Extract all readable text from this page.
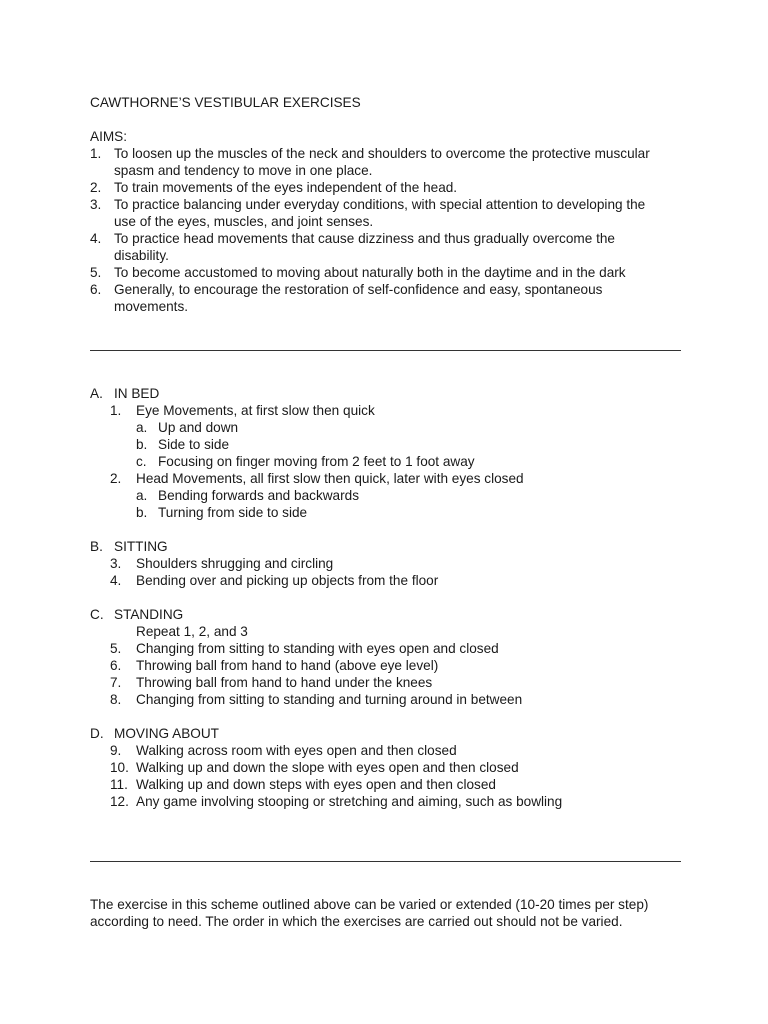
CAWTHORNE’S VESTIBULAR EXERCISES
AIMS:
1. To loosen up the muscles of the neck and shoulders to overcome the protective muscular
spasm and tendency to move in one place.
2. To train movements of the eyes independent of the head.
3. To practice balancing under everyday conditions, with special attention to developing the
use of the eyes, muscles, and joint senses.
4. To practice head movements that cause dizziness and thus gradually overcome the
disability.
5. To become accustomed to moving about naturally both in the daytime and in the dark
6. Generally, to encourage the restoration of self-confidence and easy, spontaneous
movements.
A. IN BED
1. Eye Movements, at first slow then quick
a. Up and down
b. Side to side
c. Focusing on finger moving from 2 feet to 1 foot away
2. Head Movements, all first slow then quick, later with eyes closed
a. Bending forwards and backwards
b. Turning from side to side
B. SITTING
3. Shoulders shrugging and circling
4. Bending over and picking up objects from the floor
C. STANDING
Repeat 1, 2, and 3
5. Changing from sitting to standing with eyes open and closed
6. Throwing ball from hand to hand (above eye level)
7. Throwing ball from hand to hand under the knees
8. Changing from sitting to standing and turning around in between
D. MOVING ABOUT
9. Walking across room with eyes open and then closed
10. Walking up and down the slope with eyes open and then closed
11. Walking up and down steps with eyes open and then closed
12. Any game involving stooping or stretching and aiming, such as bowling
The exercise in this scheme outlined above can be varied or extended (10-20 times per step)
according to need. The order in which the exercises are carried out should not be varied.
